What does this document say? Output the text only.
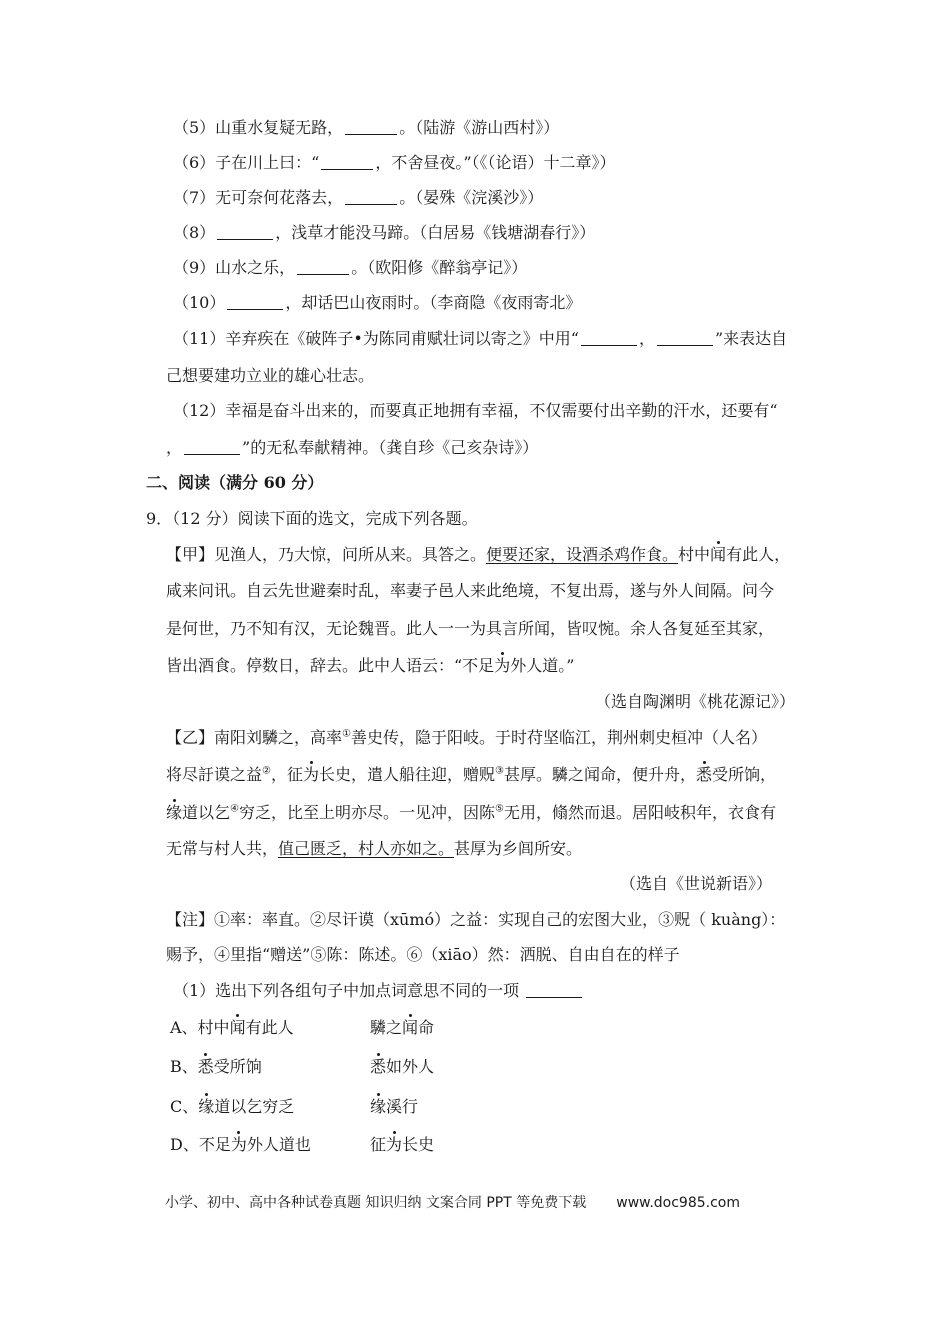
（5）山重水复疑无路，	。（陆游《游山西村》）
（6）子在川上曰：“	，不舍昼夜。”（《（论语）十二章》）
（7）无可奈何花落去，	。（晏殊《浣溪沙》）
（8）	，浅草才能没马蹄。（白居易《钱塘湖春行》）
（9）山水之乐，	。（欧阳修《醉翁亭记》）
（10）	，却话巴山夜雨时。（李商隐《夜雨寄北》
（11）辛弃疾在《破阵子•为陈同甫赋壮词以寄之》中用“	，	”来表达自
己想要建功立业的雄心壮志。
（12）幸福是奋斗出来的，而要真正地拥有幸福，不仅需要付出辛勤的汗水，还要有“
，	”的无私奉献精神。（龚自珍《己亥杂诗》）
二、阅读（满分 60 分）
9．（12 分）阅读下面的选文，完成下列各题。
【甲】见渔人，乃大惊，问所从来。具答之。便要还家，设酒杀鸡作食。村中闻有此人，
咸来问讯。自云先世避秦时乱，率妻子邑人来此绝境，不复出焉，遂与外人间隔。问今
是何世，乃不知有汉，无论魏晋。此人一一为具言所闻，皆叹惋。余人各复延至其家，
皆出酒食。停数日，辞去。此中人语云：“不足为外人道。”
（选自陶渊明《桃花源记》）
【乙】南阳刘驎之，高率①善史传，隐于阳岐。于时苻坚临江，荆州刺史桓冲（人名）
将尽訏谟之益②，征为长史，遣人船往迎，赠贶③甚厚。驎之闻命，便升舟，悉受所饷，
缘道以乞④穷乏，比至上明亦尽。一见冲，因陈⑤无用，翛然而退。居阳岐积年，衣食有
无常与村人共，值己匮乏，村人亦如之。甚厚为乡闾所安。
（选自《世说新语》）
【注】①率：率直。②尽讦谟（xūmó）之益：实现自己的宏图大业，③贶（ kuàng）：
赐予，④里指“赠送”⑤陈：陈述。⑥（xiāo）然：洒脱、自由自在的样子
（1）选出下列各组句子中加点词意思不同的一项
A、村中闻有此人	驎之闻命
B、悉受所饷	悉如外人
C、缘道以乞穷乏	缘溪行
D、不足为外人道也	征为长史
小学、初中、高中各种试卷真题 知识归纳 文案合同 PPT 等免费下载 www.doc985.com
